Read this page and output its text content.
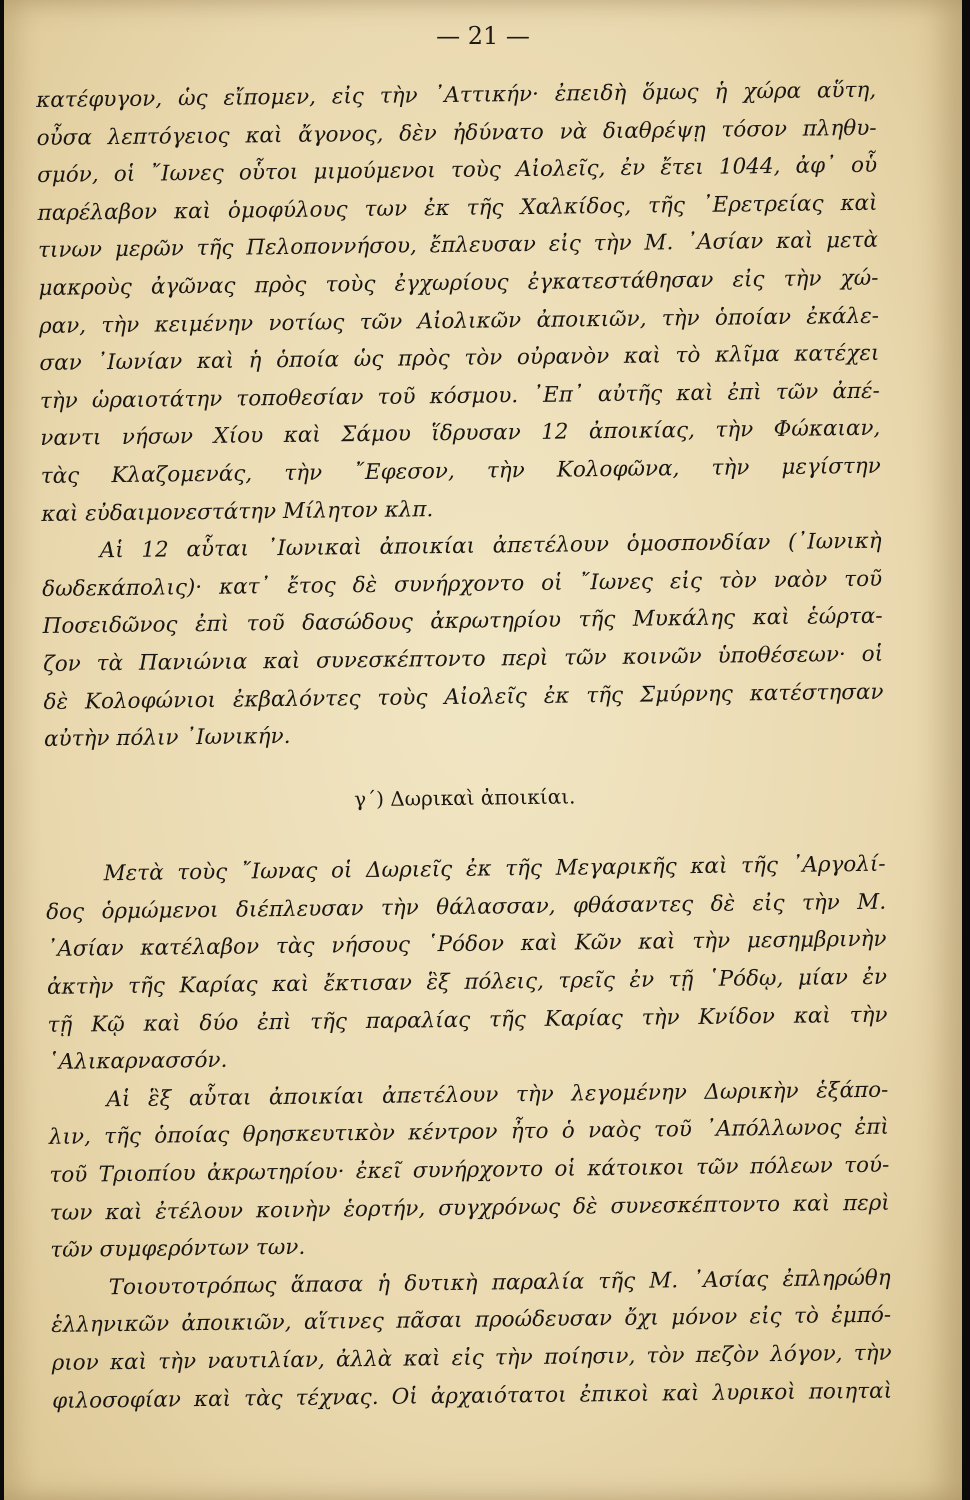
— 21 —
κατέφυγον, ὡς εἴπομεν, εἰς τὴν ᾿Αττικήν· ἐπειδὴ ὅμως ἡ χώρα αὕτη,
οὖσα λεπτόγειος καὶ ἄγονος, δὲν ἠδύνατο νὰ διαθρέψῃ τόσον πληθυ-
σμόν, οἱ ῎Ιωνες οὗτοι μιμούμενοι τοὺς Αἰολεῖς, ἐν ἔτει 1044, ἀφ᾿ οὗ
παρέλαβον καὶ ὁμοφύλους των ἐκ τῆς Χαλκίδος, τῆς ᾿Ερετρείας καὶ
τινων μερῶν τῆς Πελοποννήσου, ἔπλευσαν εἰς τὴν Μ. ᾿Ασίαν καὶ μετὰ
μακροὺς ἀγῶνας πρὸς τοὺς ἐγχωρίους ἐγκατεστάθησαν εἰς τὴν χώ-
ραν, τὴν κειμένην νοτίως τῶν Αἰολικῶν ἀποικιῶν, τὴν ὁποίαν ἐκάλε-
σαν ᾿Ιωνίαν καὶ ἡ ὁποία ὡς πρὸς τὸν οὐρανὸν καὶ τὸ κλῖμα κατέχει
τὴν ὡραιοτάτην τοποθεσίαν τοῦ κόσμου. ᾿Επ᾿ αὐτῆς καὶ ἐπὶ τῶν ἀπέ-
ναντι νήσων Χίου καὶ Σάμου ἵδρυσαν 12 ἀποικίας, τὴν Φώκαιαν,
τὰς Κλαζομενάς, τὴν ῎Εφεσον, τὴν Κολοφῶνα, τὴν μεγίστην
καὶ εὐδαιμονεστάτην Μίλητον κλπ.
Αἱ 12 αὗται ᾿Ιωνικαὶ ἀποικίαι ἀπετέλουν ὁμοσπονδίαν (᾿Ιωνικὴ
δωδεκάπολις)· κατ᾿ ἔτος δὲ συνήρχοντο οἱ ῎Ιωνες εἰς τὸν ναὸν τοῦ
Ποσειδῶνος ἐπὶ τοῦ δασώδους ἀκρωτηρίου τῆς Μυκάλης καὶ ἑώρτα-
ζον τὰ Πανιώνια καὶ συνεσκέπτοντο περὶ τῶν κοινῶν ὑποθέσεων· οἱ
δὲ Κολοφώνιοι ἐκβαλόντες τοὺς Αἰολεῖς ἐκ τῆς Σμύρνης κατέστησαν
αὐτὴν πόλιν ᾿Ιωνικήν.
γ΄) Δωρικαὶ ἀποικίαι.
Μετὰ τοὺς ῎Ιωνας οἱ Δωριεῖς ἐκ τῆς Μεγαρικῆς καὶ τῆς ᾿Αργολί-
δος ὁρμώμενοι διέπλευσαν τὴν θάλασσαν, φθάσαντες δὲ εἰς τὴν Μ.
᾿Ασίαν κατέλαβον τὰς νήσους ῾Ρόδον καὶ Κῶν καὶ τὴν μεσημβρινὴν
ἀκτὴν τῆς Καρίας καὶ ἔκτισαν ἓξ πόλεις, τρεῖς ἐν τῇ ῾Ρόδῳ, μίαν ἐν
τῇ Κῷ καὶ δύο ἐπὶ τῆς παραλίας τῆς Καρίας τὴν Κνίδον καὶ τὴν
῾Αλικαρνασσόν.
Αἱ ἓξ αὗται ἀποικίαι ἀπετέλουν τὴν λεγομένην Δωρικὴν ἑξάπο-
λιν, τῆς ὁποίας θρησκευτικὸν κέντρον ἦτο ὁ ναὸς τοῦ ᾿Απόλλωνος ἐπὶ
τοῦ Τριοπίου ἀκρωτηρίου· ἐκεῖ συνήρχοντο οἱ κάτοικοι τῶν πόλεων τού-
των καὶ ἐτέλουν κοινὴν ἑορτήν, συγχρόνως δὲ συνεσκέπτοντο καὶ περὶ
τῶν συμφερόντων των.
Τοιουτοτρόπως ἅπασα ἡ δυτικὴ παραλία τῆς Μ. ᾿Ασίας ἐπληρώθη
ἑλληνικῶν ἀποικιῶν, αἵτινες πᾶσαι προώδευσαν ὄχι μόνον εἰς τὸ ἐμπό-
ριον καὶ τὴν ναυτιλίαν, ἀλλὰ καὶ εἰς τὴν ποίησιν, τὸν πεζὸν λόγον, τὴν
φιλοσοφίαν καὶ τὰς τέχνας. Οἱ ἀρχαιότατοι ἐπικοὶ καὶ λυρικοὶ ποιηταὶ
